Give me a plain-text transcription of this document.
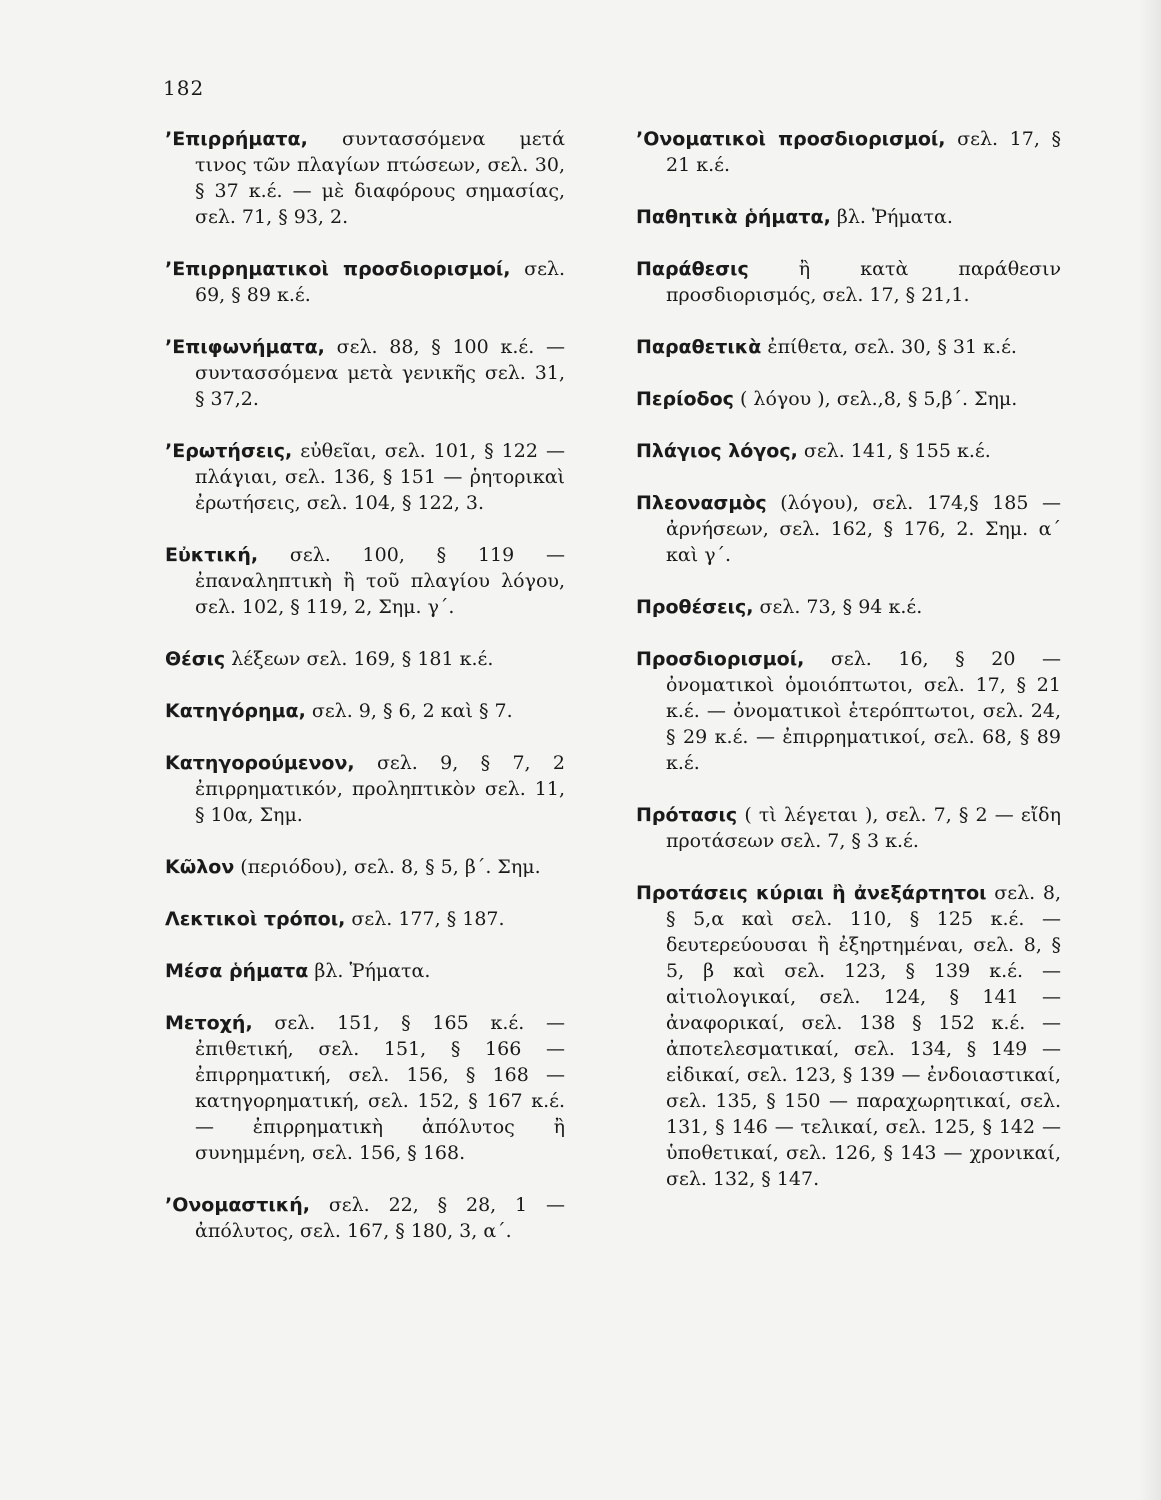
182

’Επιρρήματα, συντασσόμενα μετά τινος τῶν πλαγίων πτώσεων, σελ. 30, § 37 κ.έ. — μὲ διαφόρους σημασίας, σελ. 71, § 93, 2.

’Επιρρηματικοὶ προσδιορισμοί, σελ. 69, § 89 κ.έ.

’Επιφωνήματα, σελ. 88, § 100 κ.έ. — συντασσόμενα μετὰ γενικῆς σελ. 31, § 37,2.

’Ερωτήσεις, εὐθεῖαι, σελ. 101, § 122 — πλάγιαι, σελ. 136, § 151 — ῥητορικαὶ ἐρωτήσεις, σελ. 104, § 122, 3.

Εὐκτική, σελ. 100, § 119 — ἐπαναληπτικὴ ἢ τοῦ πλαγίου λόγου, σελ. 102, § 119, 2, Σημ. γ΄.

Θέσις λέξεων σελ. 169, § 181 κ.έ.

Κατηγόρημα, σελ. 9, § 6, 2 καὶ § 7.

Κατηγορούμενον, σελ. 9, § 7, 2 ἐπιρρηματικόν, προληπτικὸν σελ. 11, § 10α, Σημ.

Κῶλον (περιόδου), σελ. 8, § 5, β΄. Σημ.

Λεκτικοὶ τρόποι, σελ. 177, § 187.

Μέσα ῥήματα βλ. Ῥήματα.

Μετοχή, σελ. 151, § 165 κ.έ. — ἐπιθετική, σελ. 151, § 166 — ἐπιρρηματική, σελ. 156, § 168 — κατηγορηματική, σελ. 152, § 167 κ.έ. — ἐπιρρηματικὴ ἀπόλυτος ἢ συνημμένη, σελ. 156, § 168.

’Ονομαστική, σελ. 22, § 28, 1 — ἀπόλυτος, σελ. 167, § 180, 3, α΄.

’Ονοματικοὶ προσδιορισμοί, σελ. 17, § 21 κ.έ.

Παθητικὰ ῥήματα, βλ. Ῥήματα.

Παράθεσις ἢ κατὰ παράθεσιν προσδιορισμός, σελ. 17, § 21,1.

Παραθετικὰ ἐπίθετα, σελ. 30, § 31 κ.έ.

Περίοδος ( λόγου ), σελ.,8, § 5,β΄. Σημ.

Πλάγιος λόγος, σελ. 141, § 155 κ.έ.

Πλεονασμὸς (λόγου), σελ. 174,§ 185 — ἀρνήσεων, σελ. 162, § 176, 2. Σημ. α΄ καὶ γ΄.

Προθέσεις, σελ. 73, § 94 κ.έ.

Προσδιορισμοί, σελ. 16, § 20 — ὀνοματικοὶ ὁμοιόπτωτοι, σελ. 17, § 21 κ.έ. — ὀνοματικοὶ ἑτερόπτωτοι, σελ. 24, § 29 κ.έ. — ἐπιρρηματικοί, σελ. 68, § 89 κ.έ.

Πρότασις ( τὶ λέγεται ), σελ. 7, § 2 — εἴδη προτάσεων σελ. 7, § 3 κ.έ.

Προτάσεις κύριαι ἢ ἀνεξάρτητοι σελ. 8, § 5,α καὶ σελ. 110, § 125 κ.έ. — δευτερεύουσαι ἢ ἐξηρτημέναι, σελ. 8, § 5, β καὶ σελ. 123, § 139 κ.έ. — αἰτιολογικαί, σελ. 124, § 141 — ἀναφορικαί, σελ. 138 § 152 κ.έ. — ἀποτελεσματικαί, σελ. 134, § 149 — εἰδικαί, σελ. 123, § 139 — ἐνδοιαστικαί, σελ. 135, § 150 — παραχωρητικαί, σελ. 131, § 146 — τελικαί, σελ. 125, § 142 — ὑποθετικαί, σελ. 126, § 143 — χρονικαί, σελ. 132, § 147.
